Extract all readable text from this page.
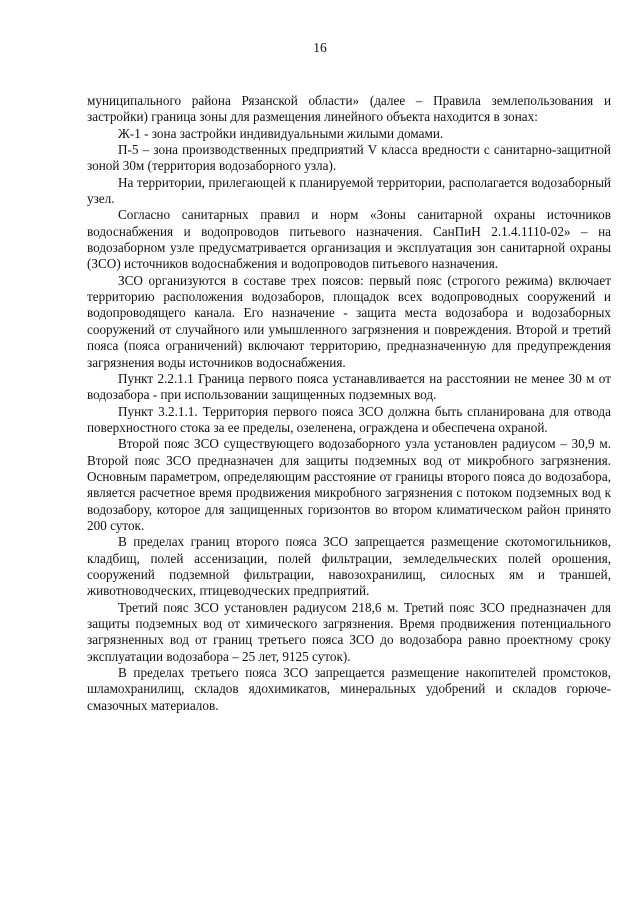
16

муниципального района Рязанской области» (далее – Правила землепользования и застройки) граница зоны для размещения линейного объекта находится в зонах:

Ж-1 - зона застройки индивидуальными жилыми домами.

П-5 – зона производственных предприятий V класса вредности с санитарно-защитной зоной 30м (территория водозаборного узла).

На территории, прилегающей к планируемой территории, располагается водозаборный узел.

Согласно санитарных правил и норм «Зоны санитарной охраны источников водоснабжения и водопроводов питьевого назначения. СанПиН 2.1.4.1110-02» – на водозаборном узле предусматривается организация и эксплуатация зон санитарной охраны (ЗСО) источников водоснабжения и водопроводов питьевого назначения.

ЗСО организуются в составе трех поясов: первый пояс (строгого режима) включает территорию расположения водозаборов, площадок всех водопроводных сооружений и водопроводящего канала. Его назначение - защита места водозабора и водозаборных сооружений от случайного или умышленного загрязнения и повреждения. Второй и третий пояса (пояса ограничений) включают территорию, предназначенную для предупреждения загрязнения воды источников водоснабжения.

Пункт 2.2.1.1 Граница первого пояса устанавливается на расстоянии не менее 30 м от водозабора - при использовании защищенных подземных вод.

Пункт 3.2.1.1. Территория первого пояса ЗСО должна быть спланирована для отвода поверхностного стока за ее пределы, озеленена, ограждена и обеспечена охраной.

Второй пояс ЗСО существующего водозаборного узла установлен радиусом – 30,9 м. Второй пояс ЗСО предназначен для защиты подземных вод от микробного загрязнения. Основным параметром, определяющим расстояние от границы второго пояса до водозабора, является расчетное время продвижения микробного загрязнения с потоком подземных вод к водозабору, которое для защищенных горизонтов во втором климатическом район принято 200 суток.

В пределах границ второго пояса ЗСО запрещается размещение скотомогильников, кладбищ, полей ассенизации, полей фильтрации, земледельческих полей орошения, сооружений подземной фильтрации, навозохранилищ, силосных ям и траншей, животноводческих, птицеводческих предприятий.

Третий пояс ЗСО установлен радиусом 218,6 м. Третий пояс ЗСО предназначен для защиты подземных вод от химического загрязнения. Время продвижения потенциального загрязненных вод от границ третьего пояса ЗСО до водозабора равно проектному сроку эксплуатации водозабора – 25 лет, 9125 суток).

В пределах третьего пояса ЗСО запрещается размещение накопителей промстоков, шламохранилищ, складов ядохимикатов, минеральных удобрений и складов горюче-смазочных материалов.
